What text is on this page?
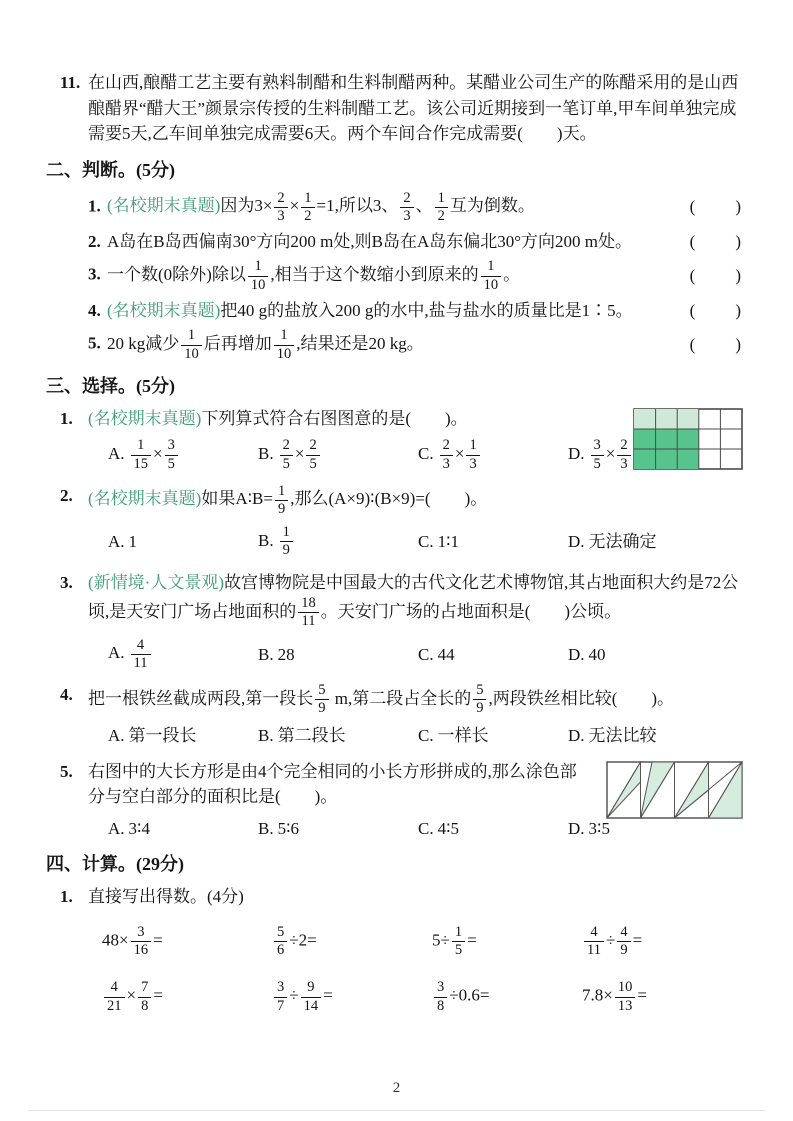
11. 在山西,酿醋工艺主要有熟料制醋和生料制醋两种。某醋业公司生产的陈醋采用的是山西酿醋界“醋大王”颜景宗传授的生料制醋工艺。该公司近期接到一笔订单,甲车间单独完成需要5天,乙车间单独完成需要6天。两个车间合作完成需要(　　)天。
二、判断。(5分)
1. (名校期末真题)因为$3\times \frac{2}{3} \times \frac{1}{2} =1$,所以3、 $\frac{2}{3}$ 、 $\frac{1}{2}$ 互为倒数。	(　　)
2. A岛在B岛西偏南30°方向200 m处,则B岛在A岛东偏北30°方向200 m处。	(　　)
3. 一个数(0除外)除以 $\frac{1}{10}$ ,相当于这个数缩小到原来的 $\frac{1}{10}$ 。	(　　)
4. (名校期末真题)把40 g的盐放入200 g的水中,盐与盐水的质量比是1∶5。	(　　)
5. 20 kg减少 $\frac{1}{10}$ 后再增加 $\frac{1}{10}$ ,结果还是20 kg。	(　　)
三、选择。(5分)
1. (名校期末真题)下列算式符合右图图意的是(　　)。
A. $\frac{1}{15} \times \frac{3}{5}$	B. $\frac{2}{5} \times \frac{2}{5}$	C. $\frac{2}{3} \times \frac{1}{3}$	D. $\frac{3}{5} \times \frac{2}{3}$
2. (名校期末真题)如果A∶B= $\frac{1}{9}$ ,那么(A×9)∶(B×9)=(　　)。
A. 1	B. $\frac{1}{9}$	C. 1∶1	D. 无法确定
3. (新情境·人文景观)故宫博物院是中国最大的古代文化艺术博物馆,其占地面积大约是72公顷,是天安门广场占地面积的 $\frac{18}{11}$ 。天安门广场的占地面积是(　　)公顷。
A. $\frac{4}{11}$	B. 28	C. 44	D. 40
4. 把一根铁丝截成两段,第一段长 $\frac{5}{9} m$,第二段占全长的 $\frac{5}{9}$ ,两段铁丝相比较(　　)。
A. 第一段长	B. 第二段长	C. 一样长	D. 无法比较
5. 右图中的大长方形是由4个完全相同的小长方形拼成的,那么涂色部分与空白部分的面积比是(　　)。
A. 3∶4	B. 5∶6	C. 4∶5	D. 3∶5
四、计算。(29分)
1. 直接写出得数。(4分)
$48\times \frac{3}{16}$ =	$\frac{5}{6} \div 2=$	$5\div \frac{1}{5}$ =	$\frac{4}{11} \div \frac{4}{9}$ =
$\frac{4}{21} \times \frac{7}{8}$ =	$\frac{3}{7} \div \frac{9}{14}$ =	$\frac{3}{8} \div 0.6=$	$7.8\times \frac{10}{13}$ =
2
